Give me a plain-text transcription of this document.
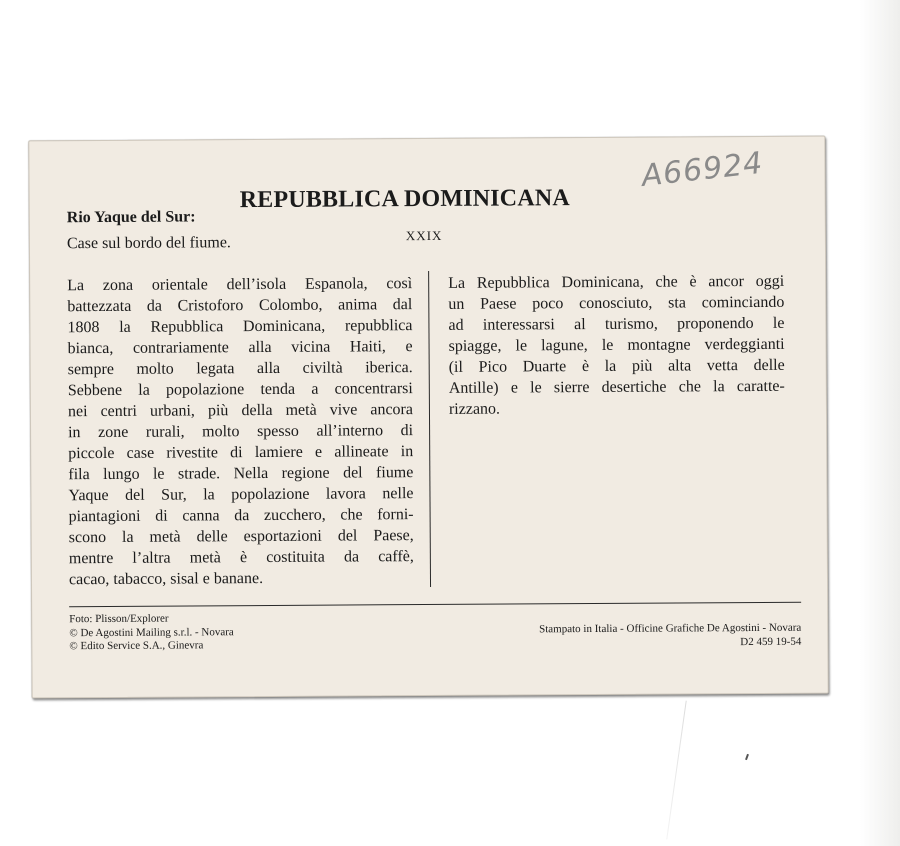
REPUBBLICA DOMINICANA
A66924
Rio Yaque del Sur:
Case sul bordo del fiume.	XXIX

La zona orientale dell’isola Espanola, così

battezzata da Cristoforo Colombo, anima dal

1808 la Repubblica Dominicana, repubblica

bianca, contrariamente alla vicina Haiti, e

sempre molto legata alla civiltà iberica.

Sebbene la popolazione tenda a concentrarsi

nei centri urbani, più della metà vive ancora

in zone rurali, molto spesso all’interno di

piccole case rivestite di lamiere e allineate in

fila lungo le strade. Nella regione del fiume

Yaque del Sur, la popolazione lavora nelle

piantagioni di canna da zucchero, che forni-

scono la metà delle esportazioni del Paese,

mentre l’altra metà è costituita da caffè,

cacao, tabacco, sisal e banane.

La Repubblica Dominicana, che è ancor oggi

un Paese poco conosciuto, sta cominciando

ad interessarsi al turismo, proponendo le

spiagge, le lagune, le montagne verdeggianti

(il Pico Duarte è la più alta vetta delle

Antille) e le sierre desertiche che la caratte-

rizzano.

Foto: Plisson/Explorer
© De Agostini Mailing s.r.l. - Novara
© Edito Service S.A., Ginevra
Stampato in Italia - Officine Grafiche De Agostini - Novara
D2 459 19-54
